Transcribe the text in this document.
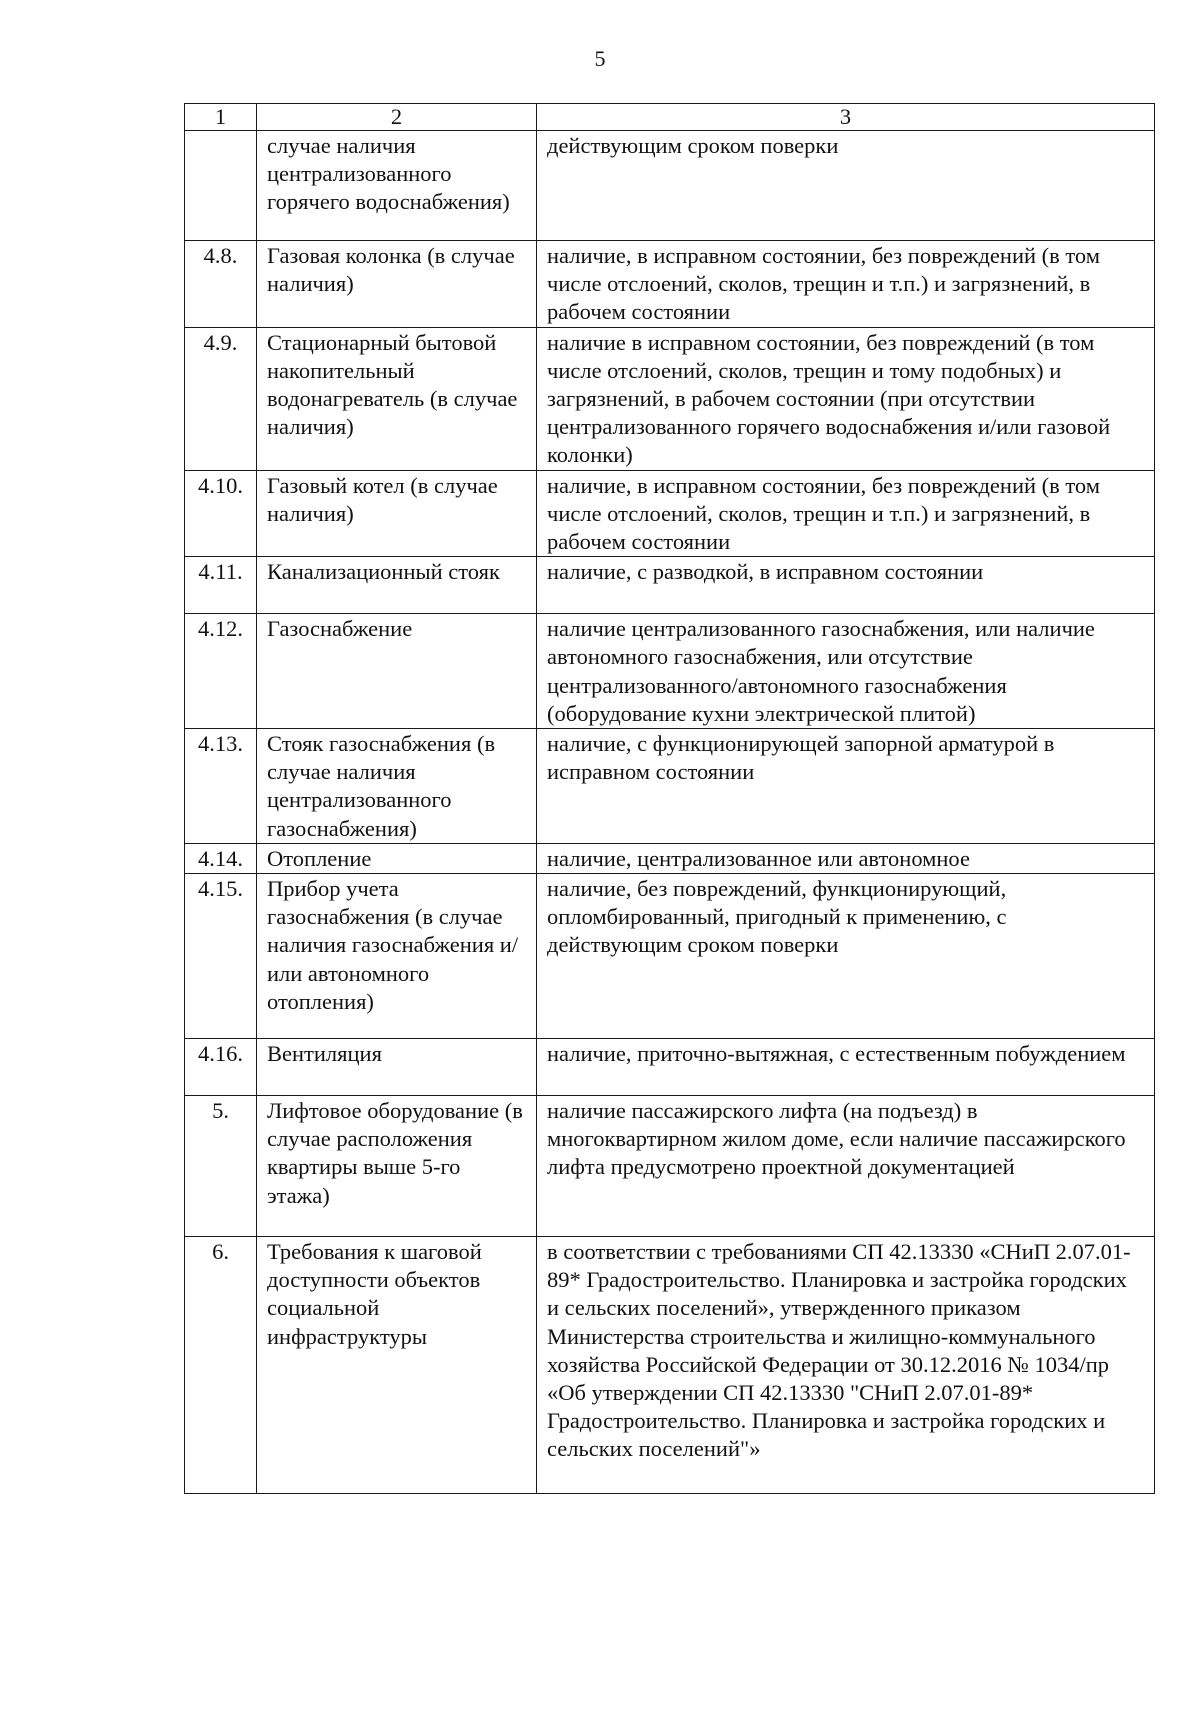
5
1	2	3
	случае наличия централизованного горячего водоснабжения)	действующим сроком поверки
4.8.	Газовая колонка (в случае наличия)	наличие, в исправном состоянии, без повреждений (в том числе отслоений, сколов, трещин и т.п.) и загрязнений, в рабочем состоянии
4.9.	Стационарный бытовой накопительный водонагреватель (в случае наличия)	наличие в исправном состоянии, без повреждений (в том числе отслоений, сколов, трещин и тому подобных) и загрязнений, в рабочем состоянии (при отсутствии централизованного горячего водоснабжения и/или газовой колонки)
4.10.	Газовый котел (в случае наличия)	наличие, в исправном состоянии, без повреждений (в том числе отслоений, сколов, трещин и т.п.) и загрязнений, в рабочем состоянии
4.11.	Канализационный стояк	наличие, с разводкой, в исправном состоянии
4.12.	Газоснабжение	наличие централизованного газоснабжения, или наличие автономного газоснабжения, или отсутствие централизованного/автономного газоснабжения (оборудование кухни электрической плитой)
4.13.	Стояк газоснабжения (в случае наличия централизованного газоснабжения)	наличие, с функционирующей запорной арматурой в исправном состоянии
4.14.	Отопление	наличие, централизованное или автономное
4.15.	Прибор учета газоснабжения (в случае наличия газоснабжения и/или автономного отопления)	наличие, без повреждений, функционирующий, опломбированный, пригодный к применению, с действующим сроком поверки
4.16.	Вентиляция	наличие, приточно-вытяжная, с естественным побуждением
5.	Лифтовое оборудование (в случае расположения квартиры выше 5-го этажа)	наличие пассажирского лифта (на подъезд) в многоквартирном жилом доме, если наличие пассажирского лифта предусмотрено проектной документацией
6.	Требования к шаговой доступности объектов социальной инфраструктуры	в соответствии с требованиями СП 42.13330 «СНиП 2.07.01-89* Градостроительство. Планировка и застройка городских и сельских поселений», утвержденного приказом Министерства строительства и жилищно-коммунального хозяйства Российской Федерации от 30.12.2016 № 1034/пр «Об утверждении СП 42.13330 "СНиП 2.07.01-89* Градостроительство. Планировка и застройка городских и сельских поселений"»
